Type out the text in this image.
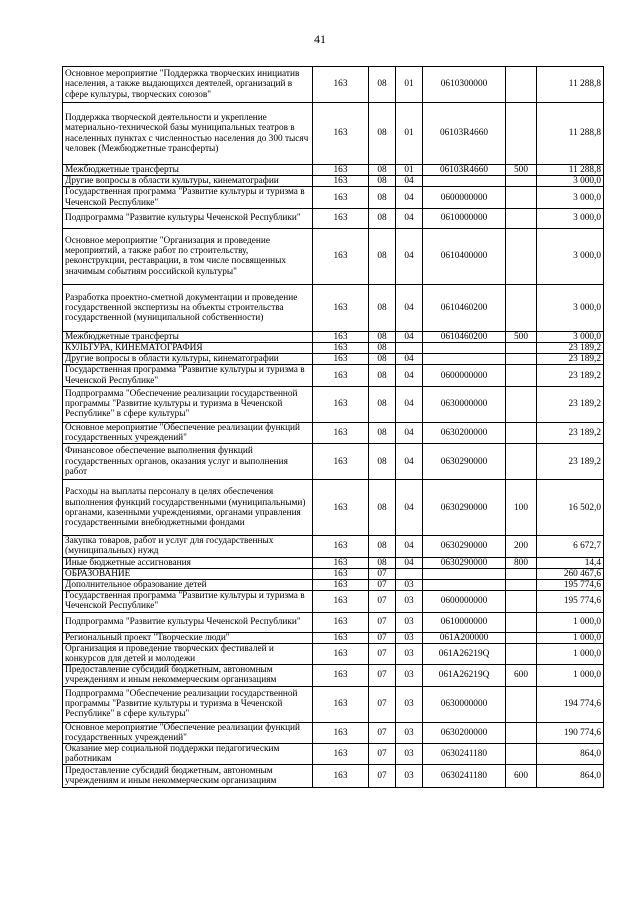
41
Основное мероприятие "Поддержка творческих инициатив населения, а также выдающихся деятелей, организаций в сфере культуры, творческих союзов"	163	08	01	0610300000		11 288,8
Поддержка творческой деятельности и укрепление материально-технической базы муниципальных театров в населенных пунктах с численностью населения до 300 тысяч человек (Межбюджетные трансферты)	163	08	01	06103R4660		11 288,8
Межбюджетные трансферты	163	08	01	06103R4660	500	11 288,8
Другие вопросы в области культуры, кинематографии	163	08	04			3 000,0
Государственная программа "Развитие культуры и туризма в Чеченской Республике"	163	08	04	0600000000		3 000,0
Подпрограмма "Развитие культуры Чеченской Республики"	163	08	04	0610000000		3 000,0
Основное мероприятие "Организация и проведение мероприятий, а также работ по строительству, реконструкции, реставрации, в том числе посвященных значимым событиям российской культуры"	163	08	04	0610400000		3 000,0
Разработка проектно-сметной документации и проведение государственной экспертизы на объекты строительства государственной (муниципальной собственности)	163	08	04	0610460200		3 000,0
Межбюджетные трансферты	163	08	04	0610460200	500	3 000,0
КУЛЬТУРА, КИНЕМАТОГРАФИЯ	163	08				23 189,2
Другие вопросы в области культуры, кинематографии	163	08	04			23 189,2
Государственная программа "Развитие культуры и туризма в Чеченской Республике"	163	08	04	0600000000		23 189,2
Подпрограмма "Обеспечение реализации государственной программы "Развитие культуры и туризма в Чеченской Республике" в сфере культуры"	163	08	04	0630000000		23 189,2
Основное мероприятие "Обеспечение реализации функций государственных учреждений"	163	08	04	0630200000		23 189,2
Финансовое обеспечение выполнения функций государственных органов, оказания услуг и выполнения работ	163	08	04	0630290000		23 189,2
Расходы на выплаты персоналу в целях обеспечения выполнения функций государственными (муниципальными) органами, казенными учреждениями, органами управления государственными внебюджетными фондами	163	08	04	0630290000	100	16 502,0
Закупка товаров, работ и услуг для государственных (муниципальных) нужд	163	08	04	0630290000	200	6 672,7
Иные бюджетные ассигнования	163	08	04	0630290000	800	14,4
ОБРАЗОВАНИЕ	163	07				260 467,6
Дополнительное образование детей	163	07	03			195 774,6
Государственная программа "Развитие культуры и туризма в Чеченской Республике"	163	07	03	0600000000		195 774,6
Подпрограмма "Развитие культуры Чеченской Республики"	163	07	03	0610000000		1 000,0
Региональный проект "Творческие люди"	163	07	03	061A200000		1 000,0
Организация и проведение творческих фестивалей и конкурсов для детей и молодежи	163	07	03	061A26219Q		1 000,0
Предоставление субсидий бюджетным, автономным учреждениям и иным некоммерческим организациям	163	07	03	061A26219Q	600	1 000,0
Подпрограмма "Обеспечение реализации государственной программы "Развитие культуры и туризма в Чеченской Республике" в сфере культуры"	163	07	03	0630000000		194 774,6
Основное мероприятие "Обеспечение реализации функций государственных учреждений"	163	07	03	0630200000		190 774,6
Оказание мер социальной поддержки педагогическим работникам	163	07	03	0630241180		864,0
Предоставление субсидий бюджетным, автономным учреждениям и иным некоммерческим организациям	163	07	03	0630241180	600	864,0
